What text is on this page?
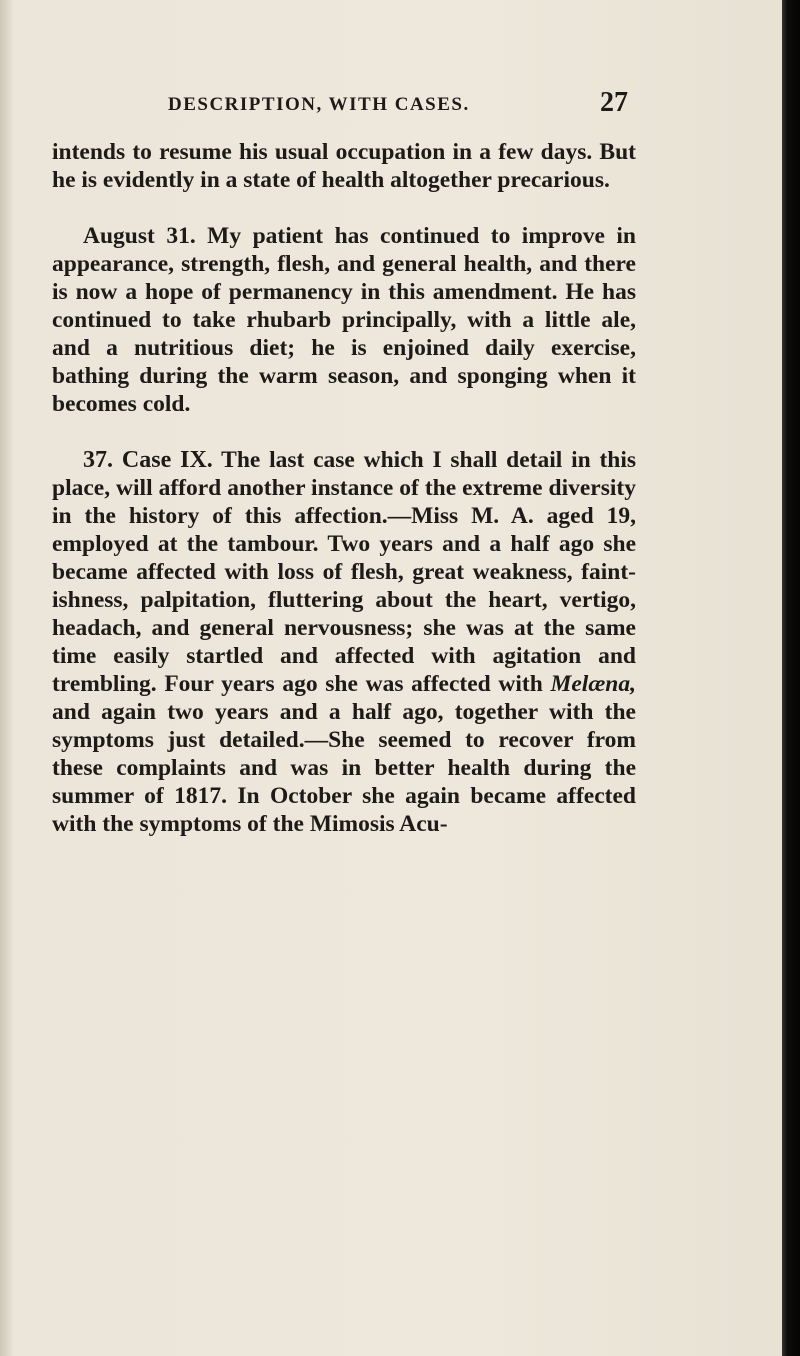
DESCRIPTION, WITH CASES.	27

intends to resume his usual occupation in a few days. But he is evidently in a state of health altogether precarious.

August 31. My patient has continued to improve in appearance, strength, flesh, and general health, and there is now a hope of permanency in this amendment. He has continued to take rhubarb principally, with a little ale, and a nutritious diet; he is enjoined daily exercise, bathing during the warm season, and sponging when it becomes cold.

37. Case IX. The last case which I shall detail in this place, will afford another instance of the extreme diversity in the history of this affection.—Miss M. A. aged 19, employed at the tambour. Two years and a half ago she became affected with loss of flesh, great weakness, faintishness, palpitation, fluttering about the heart, vertigo, headach, and general nervousness; she was at the same time easily startled and affected with agitation and trembling. Four years ago she was affected with Melæna, and again two years and a half ago, together with the symptoms just detailed.—She seemed to recover from these complaints and was in better health during the summer of 1817. In October she again became affected with the symptoms of the Mimosis Acu-
